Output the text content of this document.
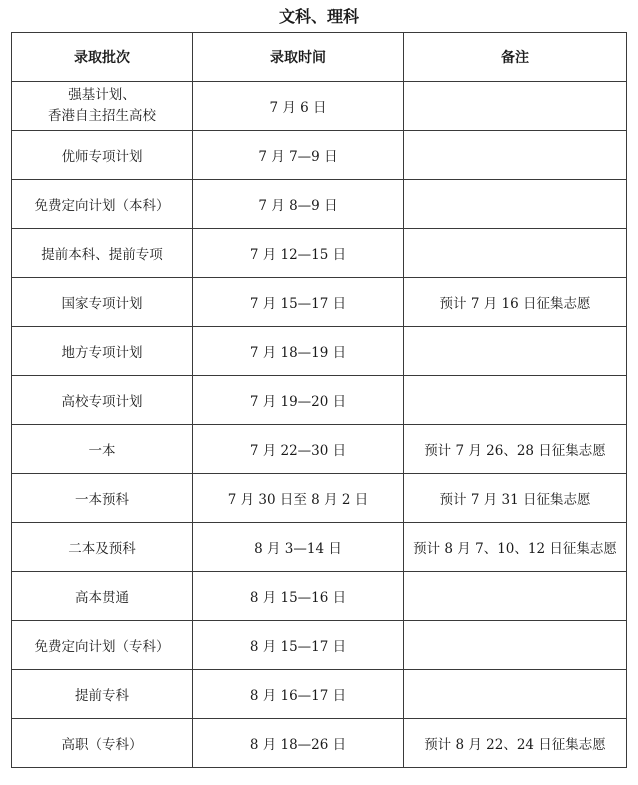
文科、理科
录取批次	录取时间	备注

强基计划、
香港自主招生高校	7 月 6 日	
优师专项计划	7 月 7—9 日	
免费定向计划（本科）	7 月 8—9 日	
提前本科、提前专项	7 月 12—15 日	
国家专项计划	7 月 15—17 日	预计 7 月 16 日征集志愿
地方专项计划	7 月 18—19 日	
高校专项计划	7 月 19—20 日	
一本	7 月 22—30 日	预计 7 月 26、28 日征集志愿
一本预科	7 月 30 日至 8 月 2 日	预计 7 月 31 日征集志愿
二本及预科	8 月 3—14 日	预计 8 月 7、10、12 日征集志愿
高本贯通	8 月 15—16 日	
免费定向计划（专科）	8 月 15—17 日	
提前专科	8 月 16—17 日	
高职（专科）	8 月 18—26 日	预计 8 月 22、24 日征集志愿
